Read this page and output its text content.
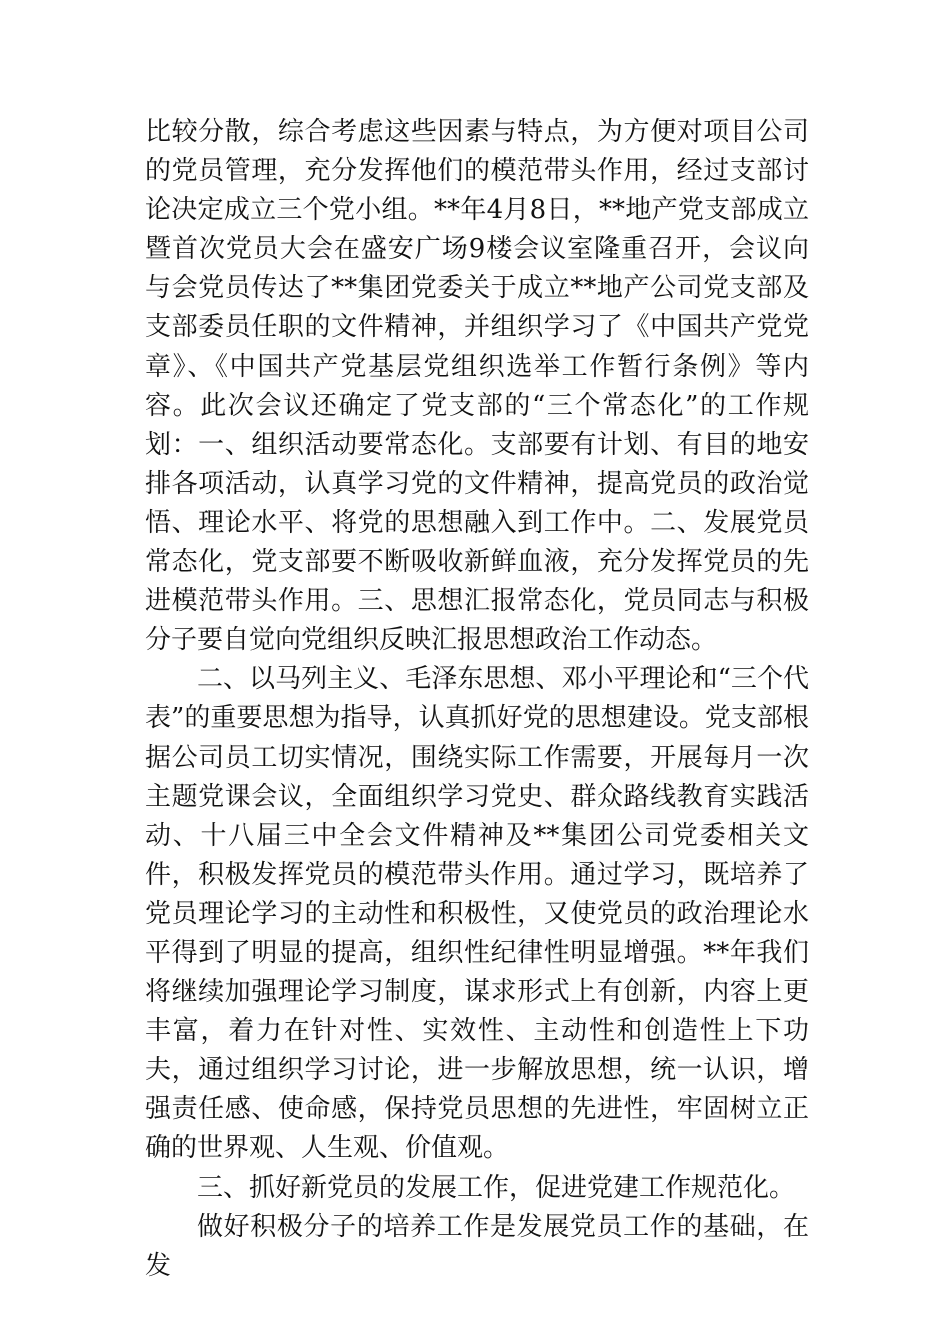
比较分散，综合考虑这些因素与特点，为方便对项目公司的党员管理，充分发挥他们的模范带头作用，经过支部讨论决定成立三个党小组。**年4月8日，**地产党支部成立暨首次党员大会在盛安广场9楼会议室隆重召开，会议向与会党员传达了**集团党委关于成立**地产公司党支部及支部委员任职的文件精神，并组织学习了《中国共产党党章》、《中国共产党基层党组织选举工作暂行条例》等内容。此次会议还确定了党支部的“三个常态化”的工作规划：一、组织活动要常态化。支部要有计划、有目的地安排各项活动，认真学习党的文件精神，提高党员的政治觉悟、理论水平、将党的思想融入到工作中。二、发展党员常态化，党支部要不断吸收新鲜血液，充分发挥党员的先进模范带头作用。三、思想汇报常态化，党员同志与积极分子要自觉向党组织反映汇报思想政治工作动态。

二、以马列主义、毛泽东思想、邓小平理论和“三个代表”的重要思想为指导，认真抓好党的思想建设。党支部根据公司员工切实情况，围绕实际工作需要，开展每月一次主题党课会议，全面组织学习党史、群众路线教育实践活动、十八届三中全会文件精神及**集团公司党委相关文件，积极发挥党员的模范带头作用。通过学习，既培养了党员理论学习的主动性和积极性，又使党员的政治理论水平得到了明显的提高，组织性纪律性明显增强。**年我们将继续加强理论学习制度，谋求形式上有创新，内容上更丰富，着力在针对性、实效性、主动性和创造性上下功夫，通过组织学习讨论，进一步解放思想，统一认识，增强责任感、使命感，保持党员思想的先进性，牢固树立正确的世界观、人生观、价值观。

三、抓好新党员的发展工作，促进党建工作规范化。

做好积极分子的培养工作是发展党员工作的基础，在发
